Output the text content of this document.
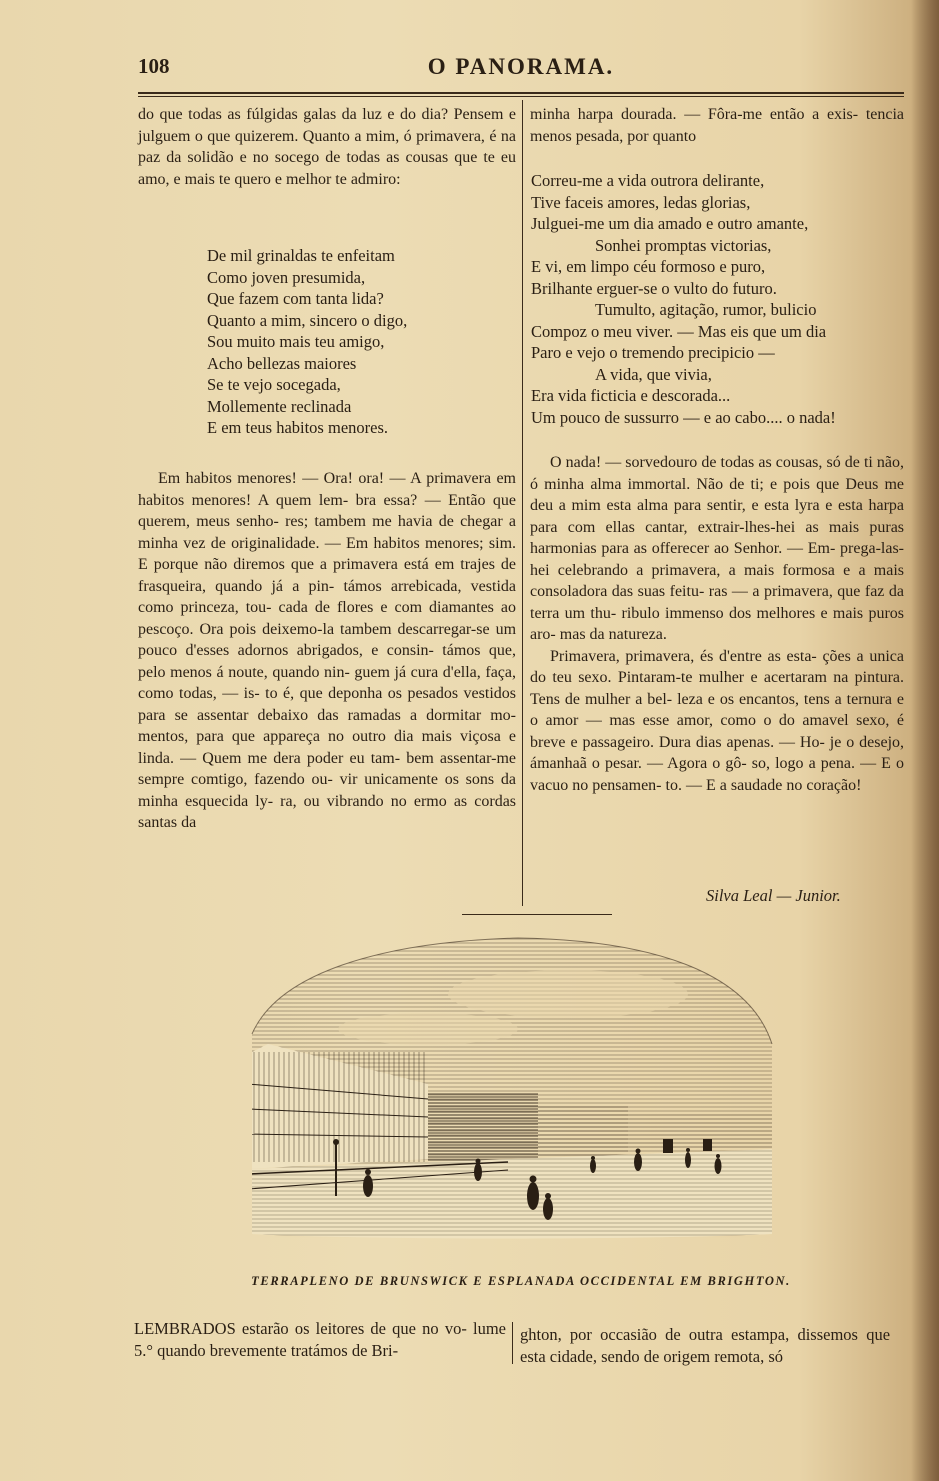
108	O PANORAMA.

do que todas as fúlgidas galas da luz e do dia? Pensem e julguem o que quizerem. Quanto a mim, ó primavera, é na paz da solidão e no socego de todas as cousas que te eu amo, e mais te quero e melhor te admiro:

De mil grinaldas te enfeitam
Como joven presumida,
Que fazem com tanta lida?
Quanto a mim, sincero o digo,
Sou muito mais teu amigo,
Acho bellezas maiores
Se te vejo socegada,
Mollemente reclinada
E em teus habitos menores.

Em habitos menores! — Ora! ora! — A primavera em habitos menores! A quem lem- bra essa? — Então que querem, meus senho- res; tambem me havia de chegar a minha vez de originalidade. — Em habitos menores; sim. E porque não diremos que a primavera está em trajes de frasqueira, quando já a pin- támos arrebicada, vestida como princeza, tou- cada de flores e com diamantes ao pescoço. Ora pois deixemo-la tambem descarregar-se um pouco d'esses adornos abrigados, e consin- támos que, pelo menos á noute, quando nin- guem já cura d'ella, faça, como todas, — is- to é, que deponha os pesados vestidos para se assentar debaixo das ramadas a dormitar mo- mentos, para que appareça no outro dia mais viçosa e linda. — Quem me dera poder eu tam- bem assentar-me sempre comtigo, fazendo ou- vir unicamente os sons da minha esquecida ly- ra, ou vibrando no ermo as cordas santas da

minha harpa dourada. — Fôra-me então a exis- tencia menos pesada, por quanto

Correu-me a vida outrora delirante,
Tive faceis amores, ledas glorias,
Julguei-me um dia amado e outro amante,
Sonhei promptas victorias,
E vi, em limpo céu formoso e puro,
Brilhante erguer-se o vulto do futuro.
Tumulto, agitação, rumor, bulicio
Compoz o meu viver. — Mas eis que um dia
Paro e vejo o tremendo precipicio —
A vida, que vivia,
Era vida ficticia e descorada...
Um pouco de sussurro — e ao cabo.... o nada!

O nada! — sorvedouro de todas as cousas, só de ti não, ó minha alma immortal. Não de ti; e pois que Deus me deu a mim esta alma para sentir, e esta lyra e esta harpa para com ellas cantar, extrair-lhes-hei as mais puras harmonias para as offerecer ao Senhor. — Em- prega-las-hei celebrando a primavera, a mais formosa e a mais consoladora das suas feitu- ras — a primavera, que faz da terra um thu- ribulo immenso dos melhores e mais puros aro- mas da natureza.

Primavera, primavera, és d'entre as esta- ções a unica do teu sexo. Pintaram-te mulher e acertaram na pintura. Tens de mulher a bel- leza e os encantos, tens a ternura e o amor — mas esse amor, como o do amavel sexo, é breve e passageiro. Dura dias apenas. — Ho- je o desejo, ámanhaã o pesar. — Agora o gô- so, logo a pena. — E o vacuo no pensamen- to. — E a saudade no coração!

Silva Leal — Junior.
TERRAPLENO DE BRUNSWICK E ESPLANADA OCCIDENTAL EM BRIGHTON.

LEMBRADOS estarão os leitores de que no vo- lume 5.° quando brevemente tratámos de Bri-

ghton, por occasião de outra estampa, dissemos que esta cidade, sendo de origem remota, só
